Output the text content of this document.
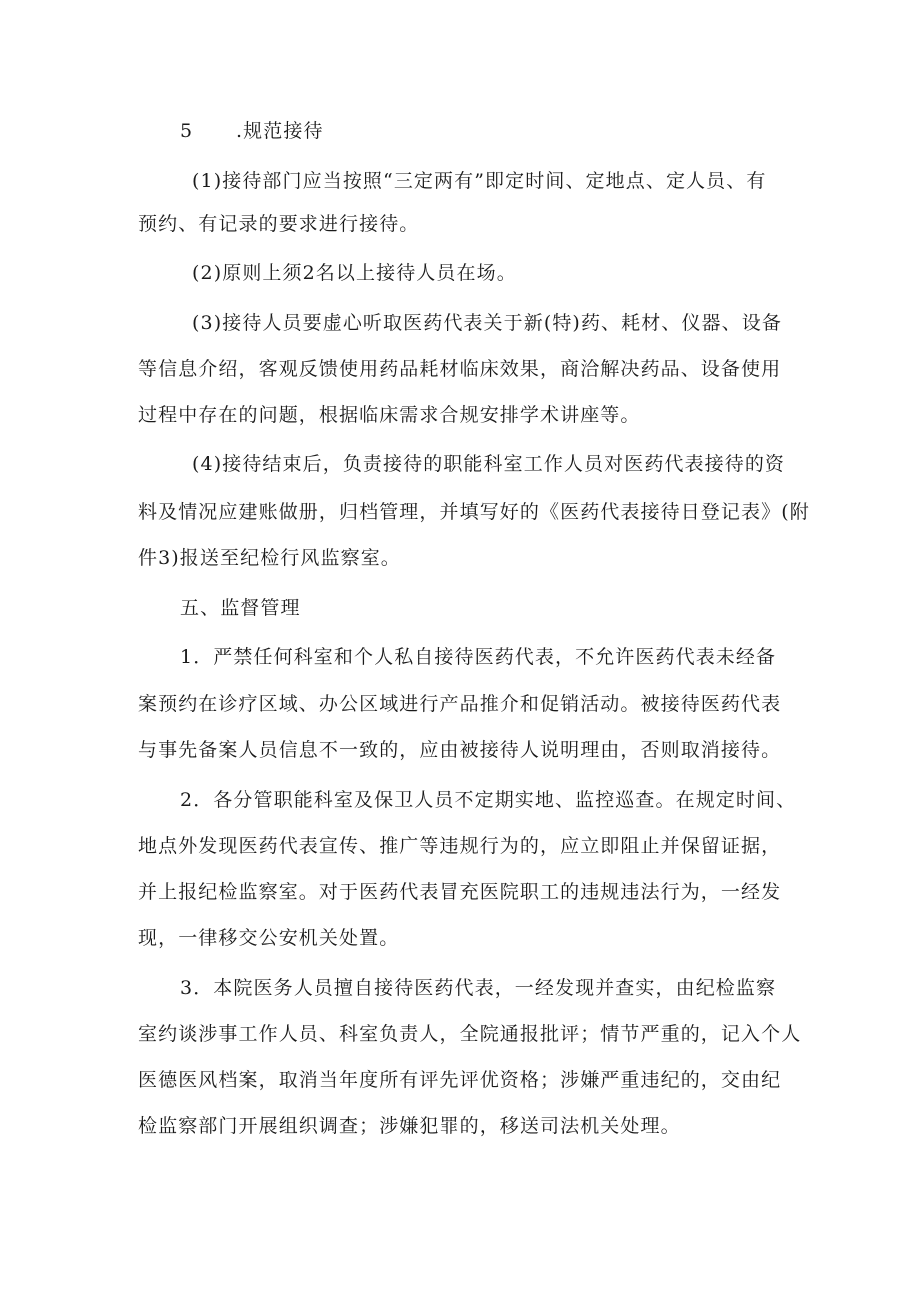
5 .规范接待
(1)接待部门应当按照“三定两有”即定时间、定地点、定人员、有
预约、有记录的要求进行接待。
(2)原则上须2名以上接待人员在场。
(3)接待人员要虚心听取医药代表关于新(特)药、耗材、仪器、设备
等信息介绍，客观反馈使用药品耗材临床效果，商洽解决药品、设备使用
过程中存在的问题，根据临床需求合规安排学术讲座等。
(4)接待结束后，负责接待的职能科室工作人员对医药代表接待的资
料及情况应建账做册，归档管理，并填写好的《医药代表接待日登记表》(附
件3)报送至纪检行风监察室。
五、监督管理
1．严禁任何科室和个人私自接待医药代表，不允许医药代表未经备
案预约在诊疗区域、办公区域进行产品推介和促销活动。被接待医药代表
与事先备案人员信息不一致的，应由被接待人说明理由，否则取消接待。
2．各分管职能科室及保卫人员不定期实地、监控巡查。在规定时间、
地点外发现医药代表宣传、推广等违规行为的，应立即阻止并保留证据，
并上报纪检监察室。对于医药代表冒充医院职工的违规违法行为，一经发
现，一律移交公安机关处置。
3．本院医务人员擅自接待医药代表，一经发现并查实，由纪检监察
室约谈涉事工作人员、科室负责人，全院通报批评；情节严重的，记入个人
医德医风档案，取消当年度所有评先评优资格；涉嫌严重违纪的，交由纪
检监察部门开展组织调查；涉嫌犯罪的，移送司法机关处理。
